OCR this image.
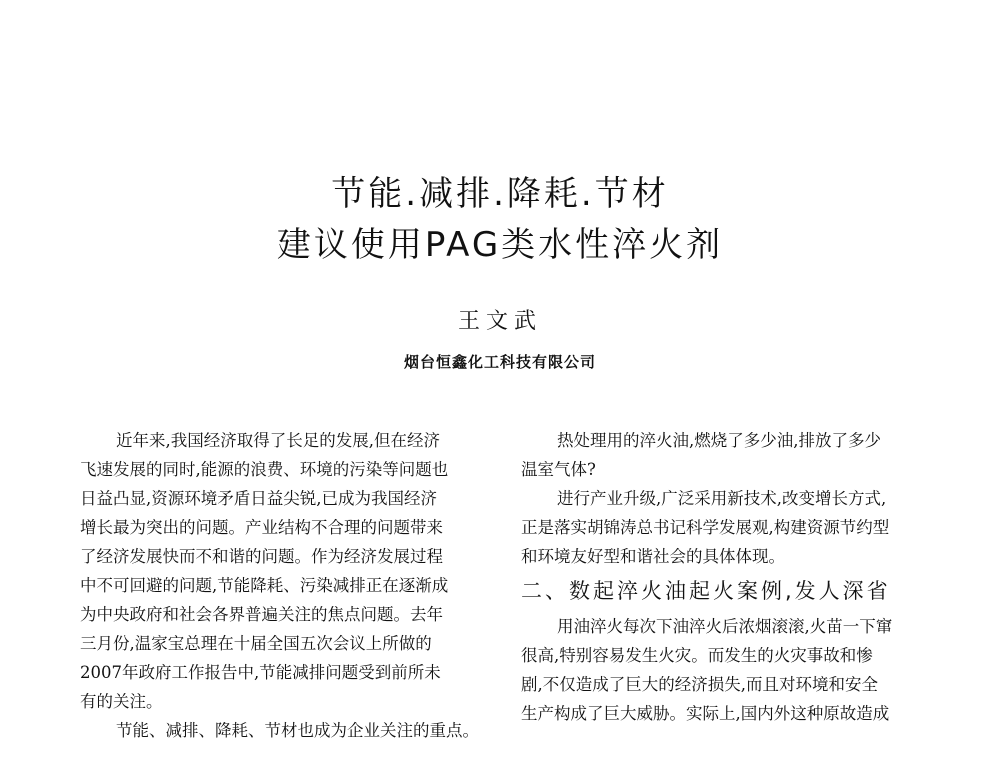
节能.减排.降耗.节材
建议使用PAG类水性淬火剂
王文武
烟台恒鑫化工科技有限公司
近年来,我国经济取得了长足的发展,但在经济
飞速发展的同时,能源的浪费、环境的污染等问题也
日益凸显,资源环境矛盾日益尖锐,已成为我国经济
增长最为突出的问题。产业结构不合理的问题带来
了经济发展快而不和谐的问题。作为经济发展过程
中不可回避的问题,节能降耗、污染减排正在逐渐成
为中央政府和社会各界普遍关注的焦点问题。去年
三月份,温家宝总理在十届全国五次会议上所做的
2007年政府工作报告中,节能减排问题受到前所未
有的关注。
节能、减排、降耗、节材也成为企业关注的重点。
热处理用的淬火油,燃烧了多少油,排放了多少
温室气体?
进行产业升级,广泛采用新技术,改变增长方式,
正是落实胡锦涛总书记科学发展观,构建资源节约型
和环境友好型和谐社会的具体体现。
二、数起淬火油起火案例,发人深省
用油淬火每次下油淬火后浓烟滚滚,火苗一下窜
很高,特别容易发生火灾。而发生的火灾事故和惨
剧,不仅造成了巨大的经济损失,而且对环境和安全
生产构成了巨大威胁。实际上,国内外这种原故造成
